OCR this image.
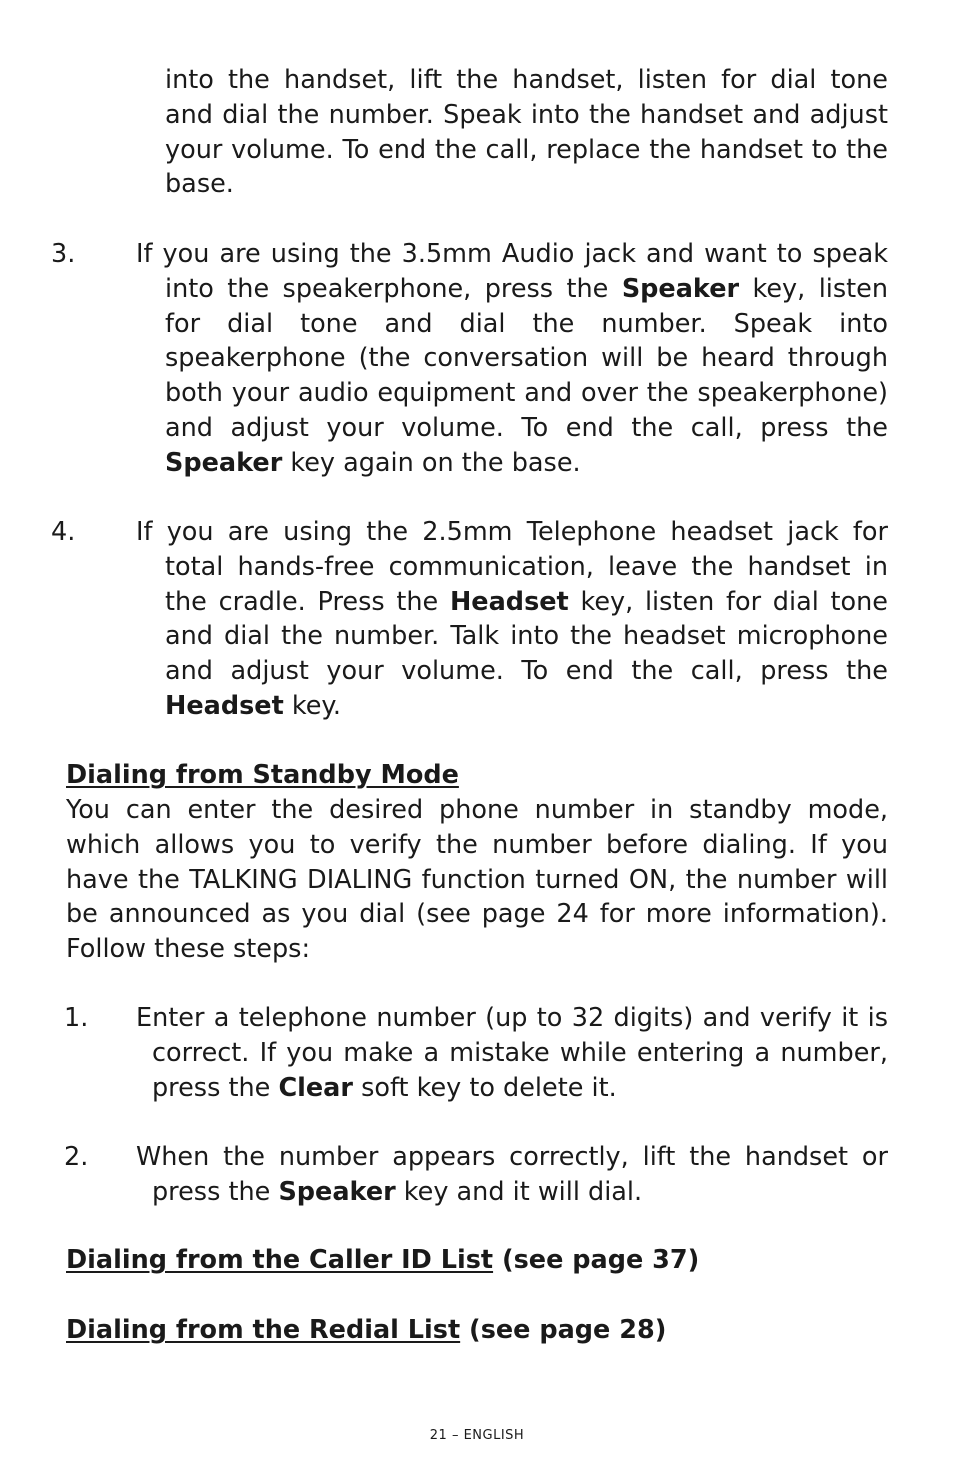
into the handset, lift the handset, listen for dial tone and dial the number. Speak into the handset and adjust your volume. To end the call, replace the handset to the base.

3. If you are using the 3.5mm Audio jack and want to speak into the speakerphone, press the Speaker key, listen for dial tone and dial the number. Speak into speakerphone (the conversation will be heard through both your audio equipment and over the speakerphone) and adjust your volume. To end the call, press the Speaker key again on the base.

4. If you are using the 2.5mm Telephone headset jack for total hands-free communication, leave the handset in the cradle. Press the Headset key, listen for dial tone and dial the number. Talk into the headset microphone and adjust your volume. To end the call, press the Headset key.

Dialing from Standby Mode

You can enter the desired phone number in standby mode, which allows you to verify the number before dialing. If you have the TALKING DIALING function turned ON, the number will be announced as you dial (see page 24 for more information). Follow these steps:

1. Enter a telephone number (up to 32 digits) and verify it is correct. If you make a mistake while entering a number, press the Clear soft key to delete it.

2. When the number appears correctly, lift the handset or press the Speaker key and it will dial.

Dialing from the Caller ID List (see page 37)

Dialing from the Redial List (see page 28)

21 – ENGLISH
